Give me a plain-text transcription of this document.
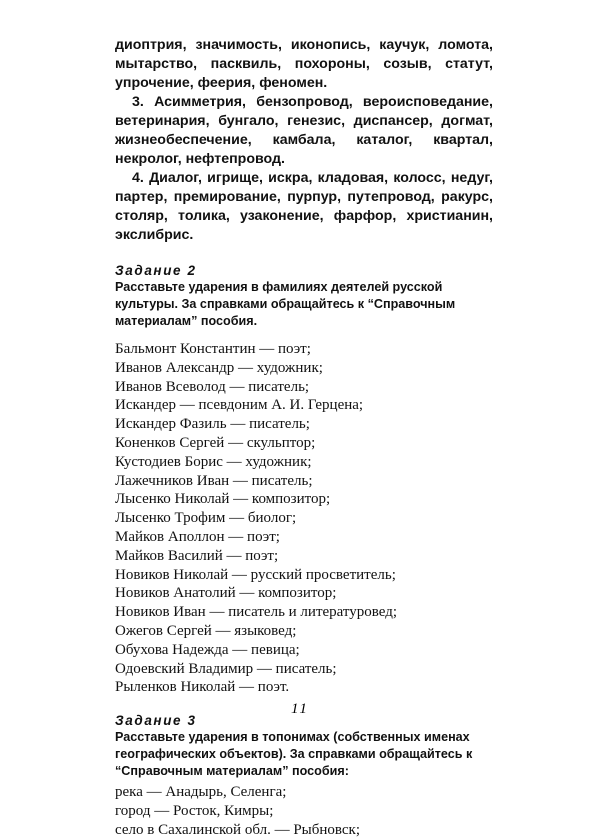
диоптрия, значимость, иконопись, каучук, ломота, мытарство, пасквиль, похороны, созыв, статут, упрочение, феерия, феномен.

3. Асимметрия, бензопровод, вероисповедание, ветеринария, бунгало, генезис, диспансер, догмат, жизнеобеспечение, камбала, каталог, квартал, некролог, нефтепровод.

4. Диалог, игрище, искра, кладовая, колосс, недуг, партер, премирование, пурпур, путепровод, ракурс, столяр, толика, узаконение, фарфор, христианин, экслибрис.

Задание 2

Расставьте ударения в фамилиях деятелей русской культуры. За справками обращайтесь к “Справочным материалам” пособия.

Бальмонт Константин — поэт;
Иванов Александр — художник;
Иванов Всеволод — писатель;
Искандер — псевдоним А. И. Герцена;
Искандер Фазиль — писатель;
Коненков Сергей — скульптор;
Кустодиев Борис — художник;
Лажечников Иван — писатель;
Лысенко Николай — композитор;
Лысенко Трофим — биолог;
Майков Аполлон — поэт;
Майков Василий — поэт;
Новиков Николай — русский просветитель;
Новиков Анатолий — композитор;
Новиков Иван — писатель и литературовед;
Ожегов Сергей — языковед;
Обухова Надежда — певица;
Одоевский Владимир — писатель;
Рыленков Николай — поэт.

Задание 3

Расставьте ударения в топонимах (собственных именах географических объектов). За справками обращайтесь к “Справочным материалам” пособия:

река — Анадырь, Селенга;
город — Росток, Кимры;
село в Сахалинской обл. — Рыбновск;
11
